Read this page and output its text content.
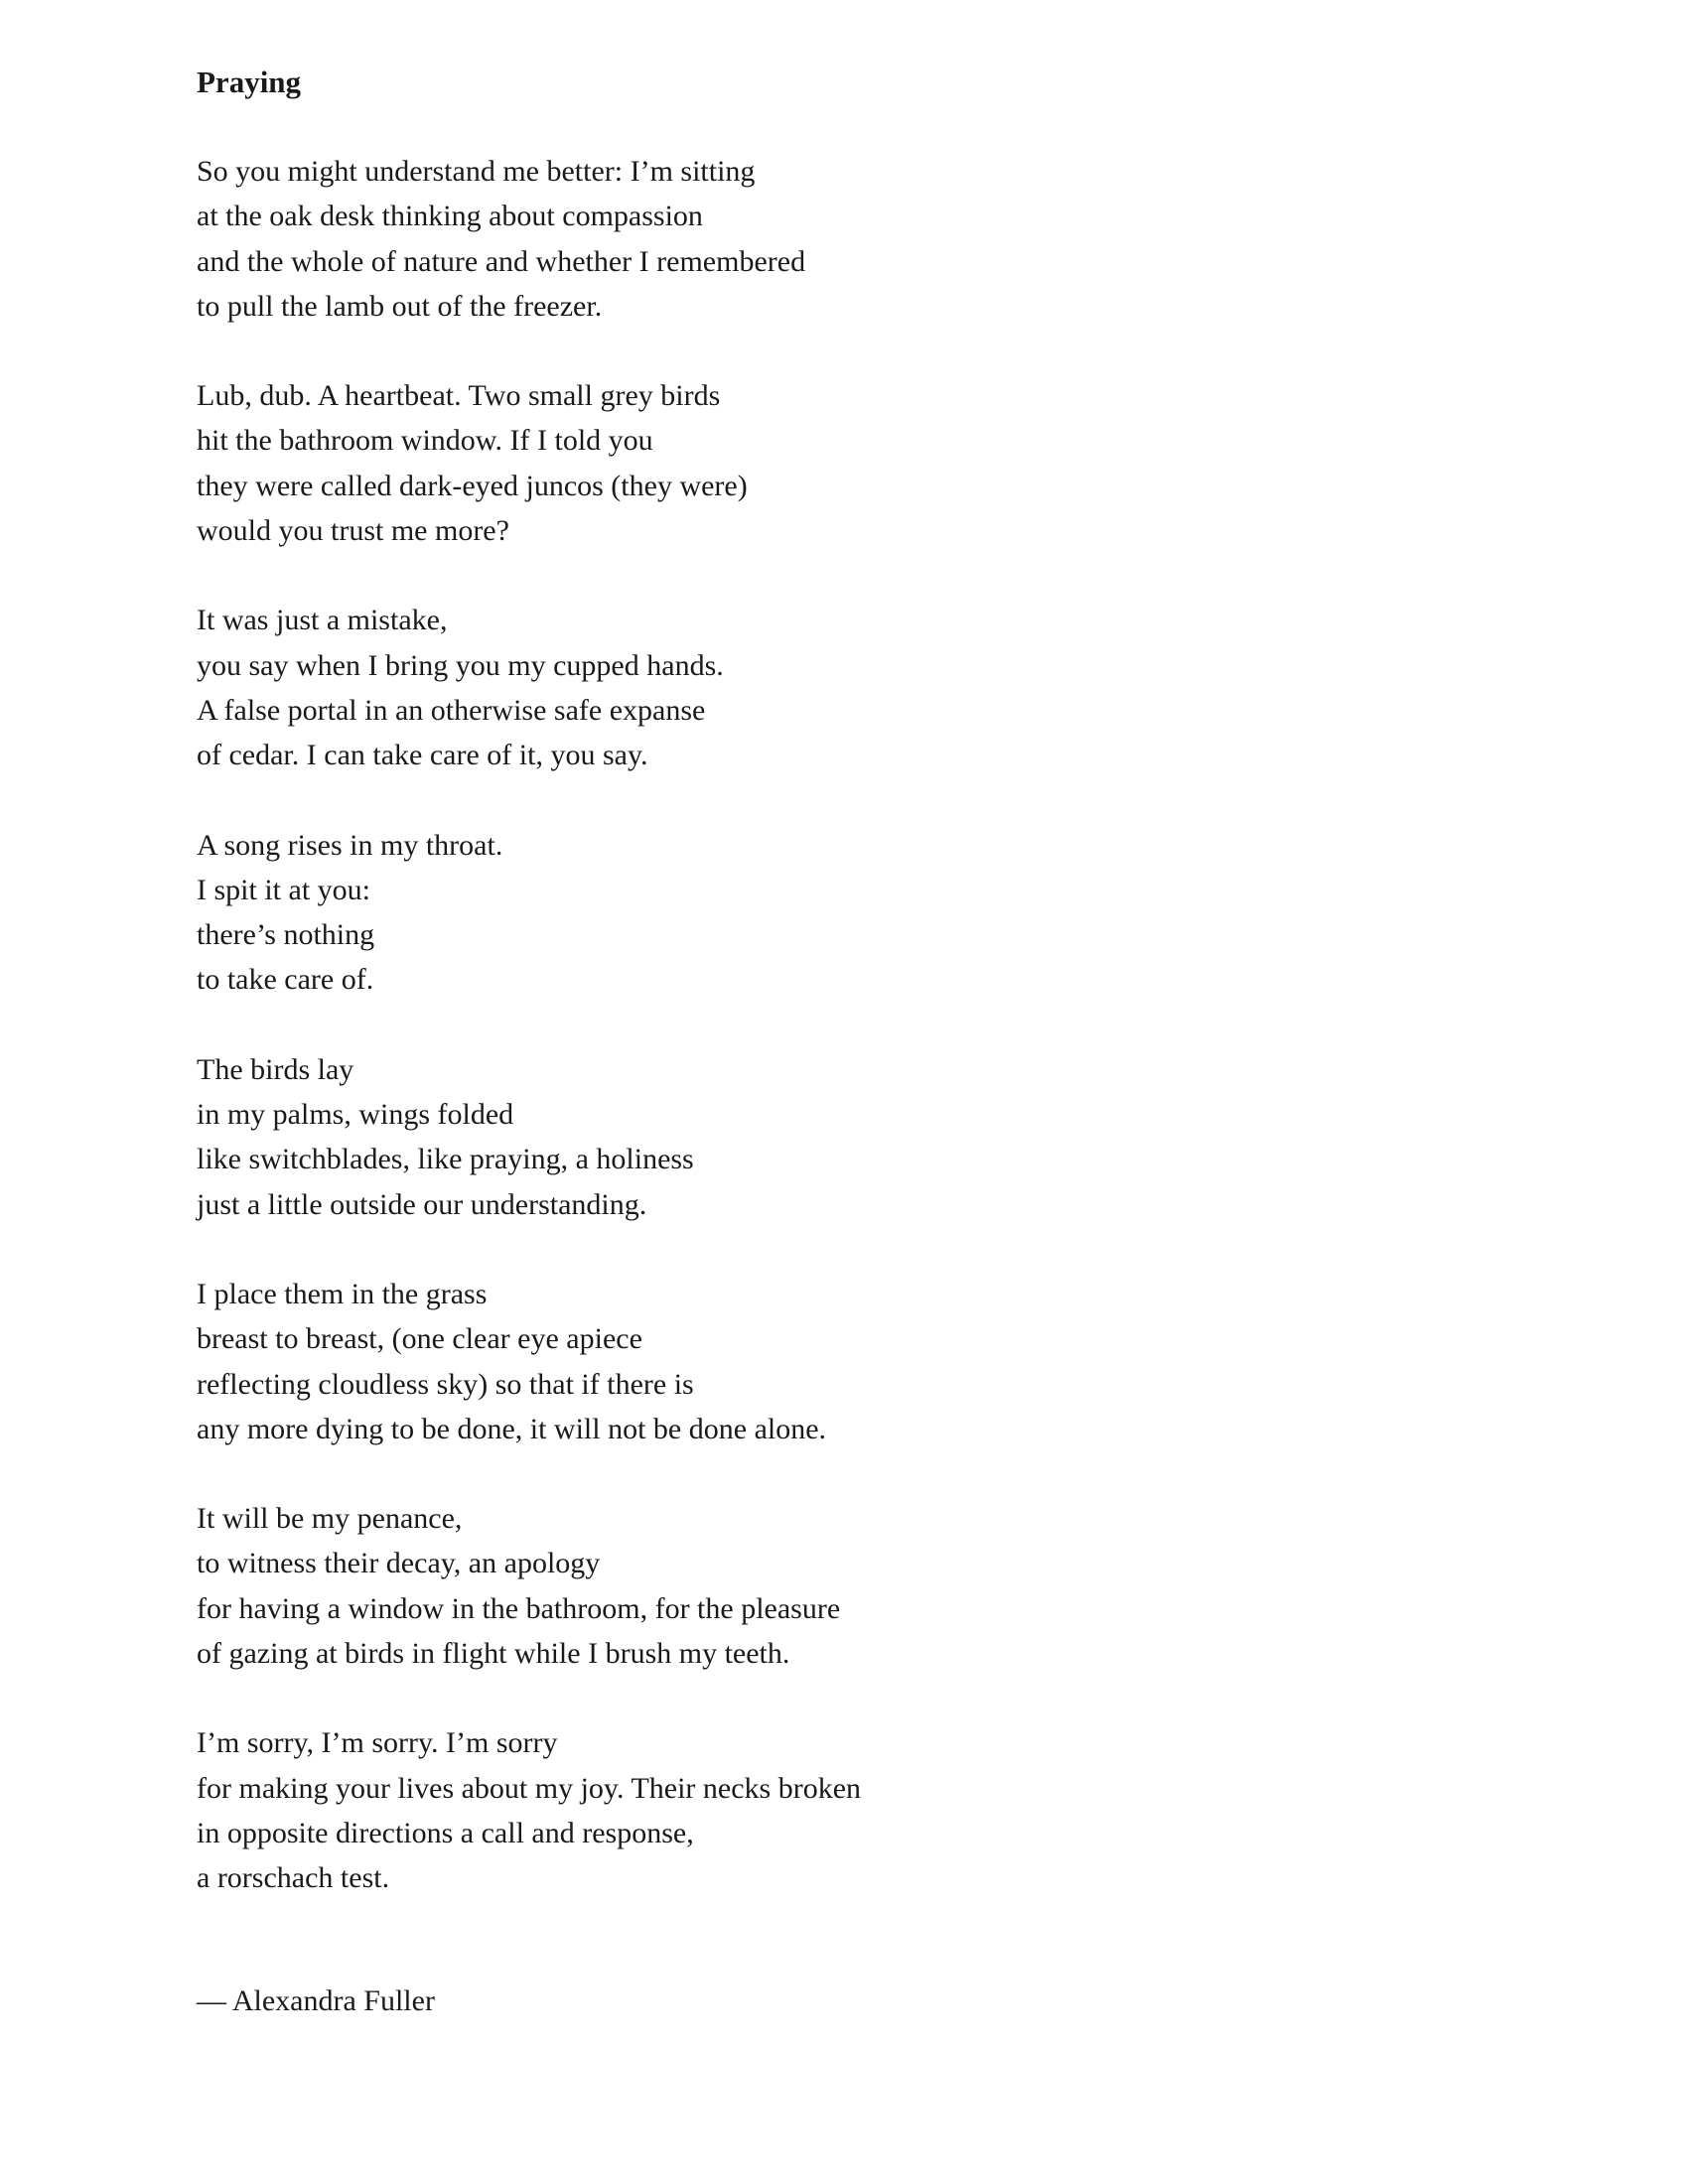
Praying
So you might understand me better: I’m sitting
at the oak desk thinking about compassion
and the whole of nature and whether I remembered
to pull the lamb out of the freezer.
Lub, dub. A heartbeat. Two small grey birds
hit the bathroom window. If I told you
they were called dark-eyed juncos (they were)
would you trust me more?
It was just a mistake,
you say when I bring you my cupped hands.
A false portal in an otherwise safe expanse
of cedar. I can take care of it, you say.
A song rises in my throat.
I spit it at you:
there’s nothing
to take care of.
The birds lay
in my palms, wings folded
like switchblades, like praying, a holiness
just a little outside our understanding.
I place them in the grass
breast to breast, (one clear eye apiece
reflecting cloudless sky) so that if there is
any more dying to be done, it will not be done alone.
It will be my penance,
to witness their decay, an apology
for having a window in the bathroom, for the pleasure
of gazing at birds in flight while I brush my teeth.
I’m sorry, I’m sorry. I’m sorry
for making your lives about my joy. Their necks broken
in opposite directions a call and response,
a rorschach test.
— Alexandra Fuller
